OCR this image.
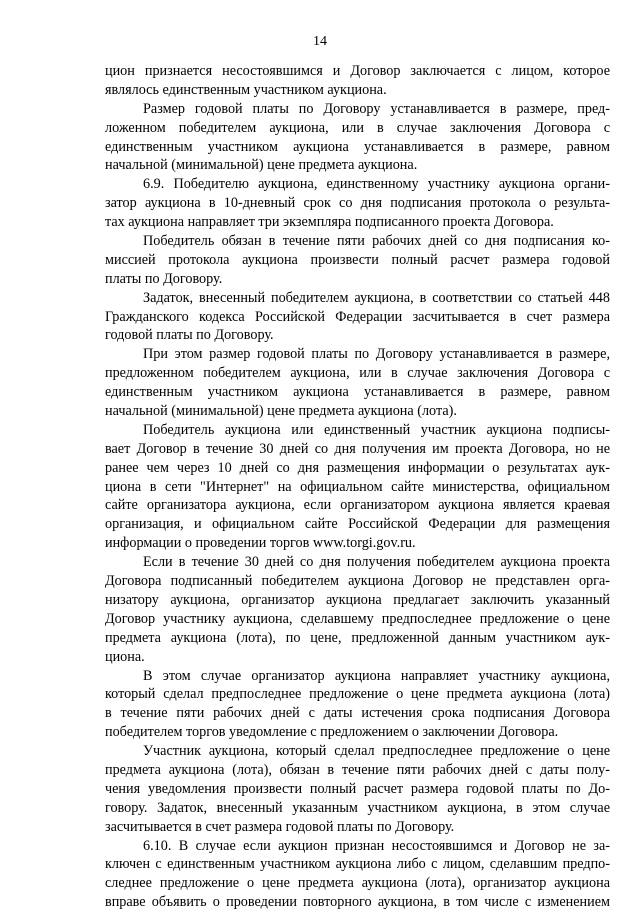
14
цион признается несостоявшимся и Договор заключается с лицом, которое
являлось единственным участником аукциона.
Размер годовой платы по Договору устанавливается в размере, пред-
ложенном победителем аукциона, или в случае заключения Договора с
единственным участником аукциона устанавливается в размере, равном
начальной (минимальной) цене предмета аукциона.
6.9. Победителю аукциона, единственному участнику аукциона органи-
затор аукциона в 10-дневный срок со дня подписания протокола о результа-
тах аукциона направляет три экземпляра подписанного проекта Договора.
Победитель обязан в течение пяти рабочих дней со дня подписания ко-
миссией протокола аукциона произвести полный расчет размера годовой
платы по Договору.
Задаток, внесенный победителем аукциона, в соответствии со статьей 448
Гражданского кодекса Российской Федерации засчитывается в счет размера
годовой платы по Договору.
При этом размер годовой платы по Договору устанавливается в размере,
предложенном победителем аукциона, или в случае заключения Договора с
единственным участником аукциона устанавливается в размере, равном
начальной (минимальной) цене предмета аукциона (лота).
Победитель аукциона или единственный участник аукциона подписы-
вает Договор в течение 30 дней со дня получения им проекта Договора, но не
ранее чем через 10 дней со дня размещения информации о результатах аук-
циона в сети "Интернет" на официальном сайте министерства, официальном
сайте организатора аукциона, если организатором аукциона является краевая
организация, и официальном сайте Российской Федерации для размещения
информации о проведении торгов www.torgi.gov.ru.
Если в течение 30 дней со дня получения победителем аукциона проекта
Договора подписанный победителем аукциона Договор не представлен орга-
низатору аукциона, организатор аукциона предлагает заключить указанный
Договор участнику аукциона, сделавшему предпоследнее предложение о цене
предмета аукциона (лота), по цене, предложенной данным участником аук-
циона.
В этом случае организатор аукциона направляет участнику аукциона,
который сделал предпоследнее предложение о цене предмета аукциона (лота)
в течение пяти рабочих дней с даты истечения срока подписания Договора
победителем торгов уведомление с предложением о заключении Договора.
Участник аукциона, который сделал предпоследнее предложение о цене
предмета аукциона (лота), обязан в течение пяти рабочих дней с даты полу-
чения уведомления произвести полный расчет размера годовой платы по До-
говору. Задаток, внесенный указанным участником аукциона, в этом случае
засчитывается в счет размера годовой платы по Договору.
6.10. В случае если аукцион признан несостоявшимся и Договор не за-
ключен с единственным участником аукциона либо с лицом, сделавшим предпо-
следнее предложение о цене предмета аукциона (лота), организатор аукциона
вправе объявить о проведении повторного аукциона, в том числе с изменением
